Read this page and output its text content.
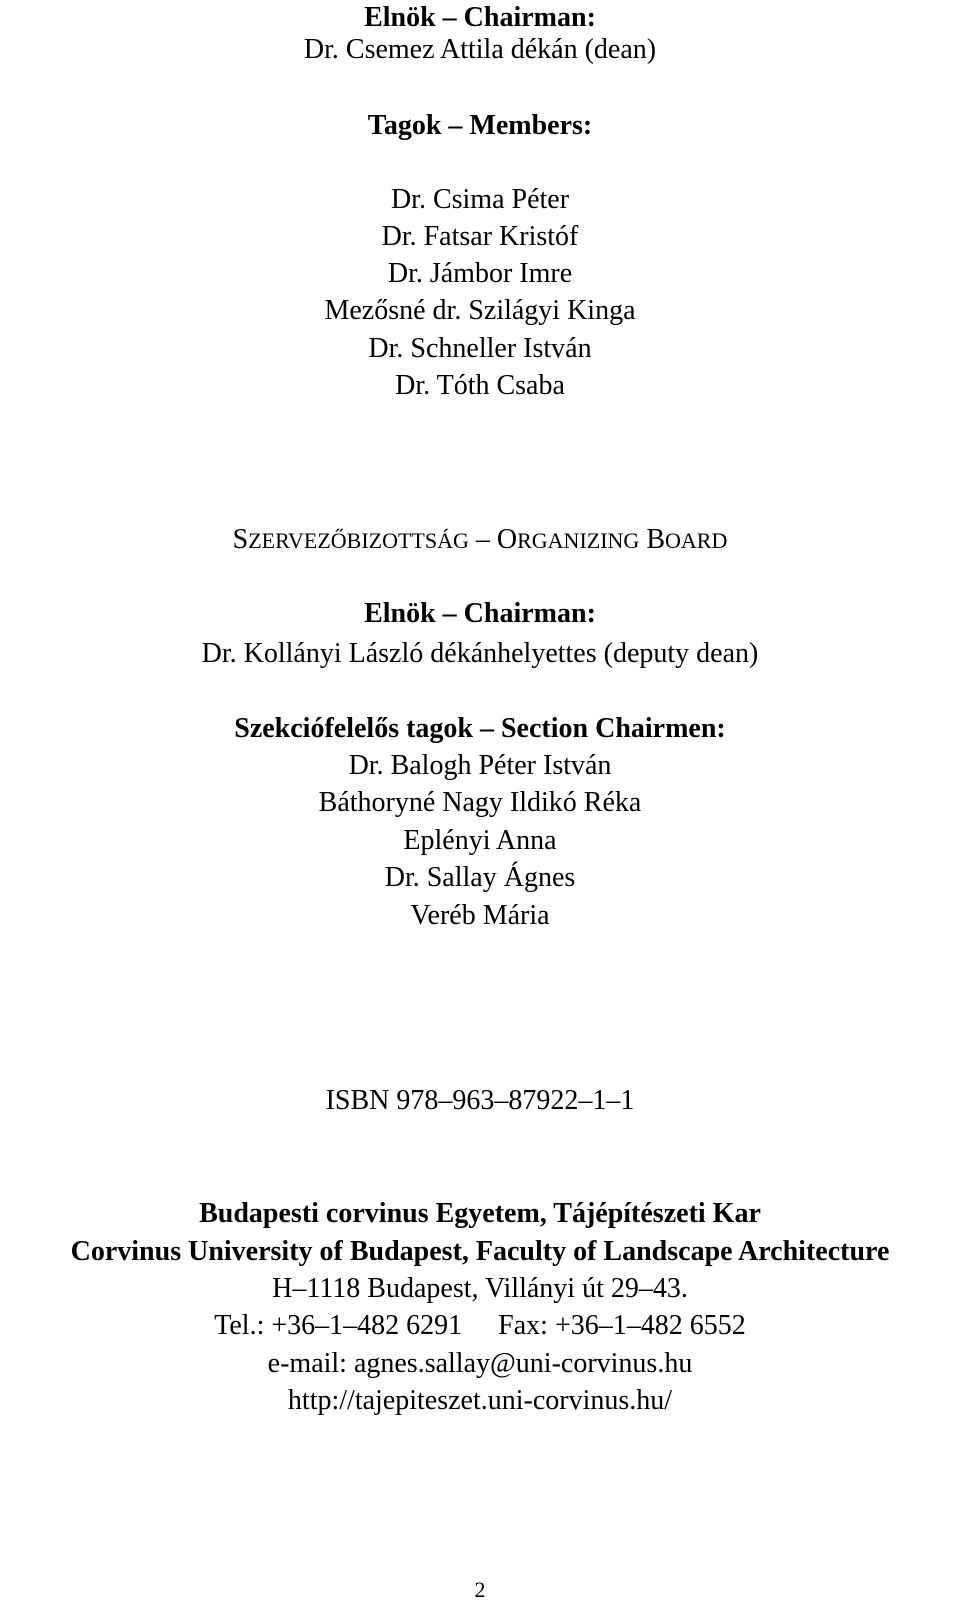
Elnök – Chairman:
Dr. Csemez Attila dékán (dean)
Tagok – Members:
Dr. Csima Péter
Dr. Fatsar Kristóf
Dr. Jámbor Imre
Mezősné dr. Szilágyi Kinga
Dr. Schneller István
Dr. Tóth Csaba
SZERVEZŐBIZOTTSÁG – ORGANIZING BOARD
Elnök – Chairman:
Dr. Kollányi László dékánhelyettes (deputy dean)
Szekciófelelős tagok – Section Chairmen:
Dr. Balogh Péter István
Báthoryné Nagy Ildikó Réka
Eplényi Anna
Dr. Sallay Ágnes
Veréb Mária
ISBN 978–963–87922–1–1
Budapesti corvinus Egyetem, Tájépítészeti Kar
Corvinus University of Budapest, Faculty of Landscape Architecture
H–1118 Budapest, Villányi út 29–43.
Tel.: +36–1–482 6291 Fax: +36–1–482 6552
e-mail: agnes.sallay@uni-corvinus.hu
http://tajepiteszet.uni-corvinus.hu/
2
